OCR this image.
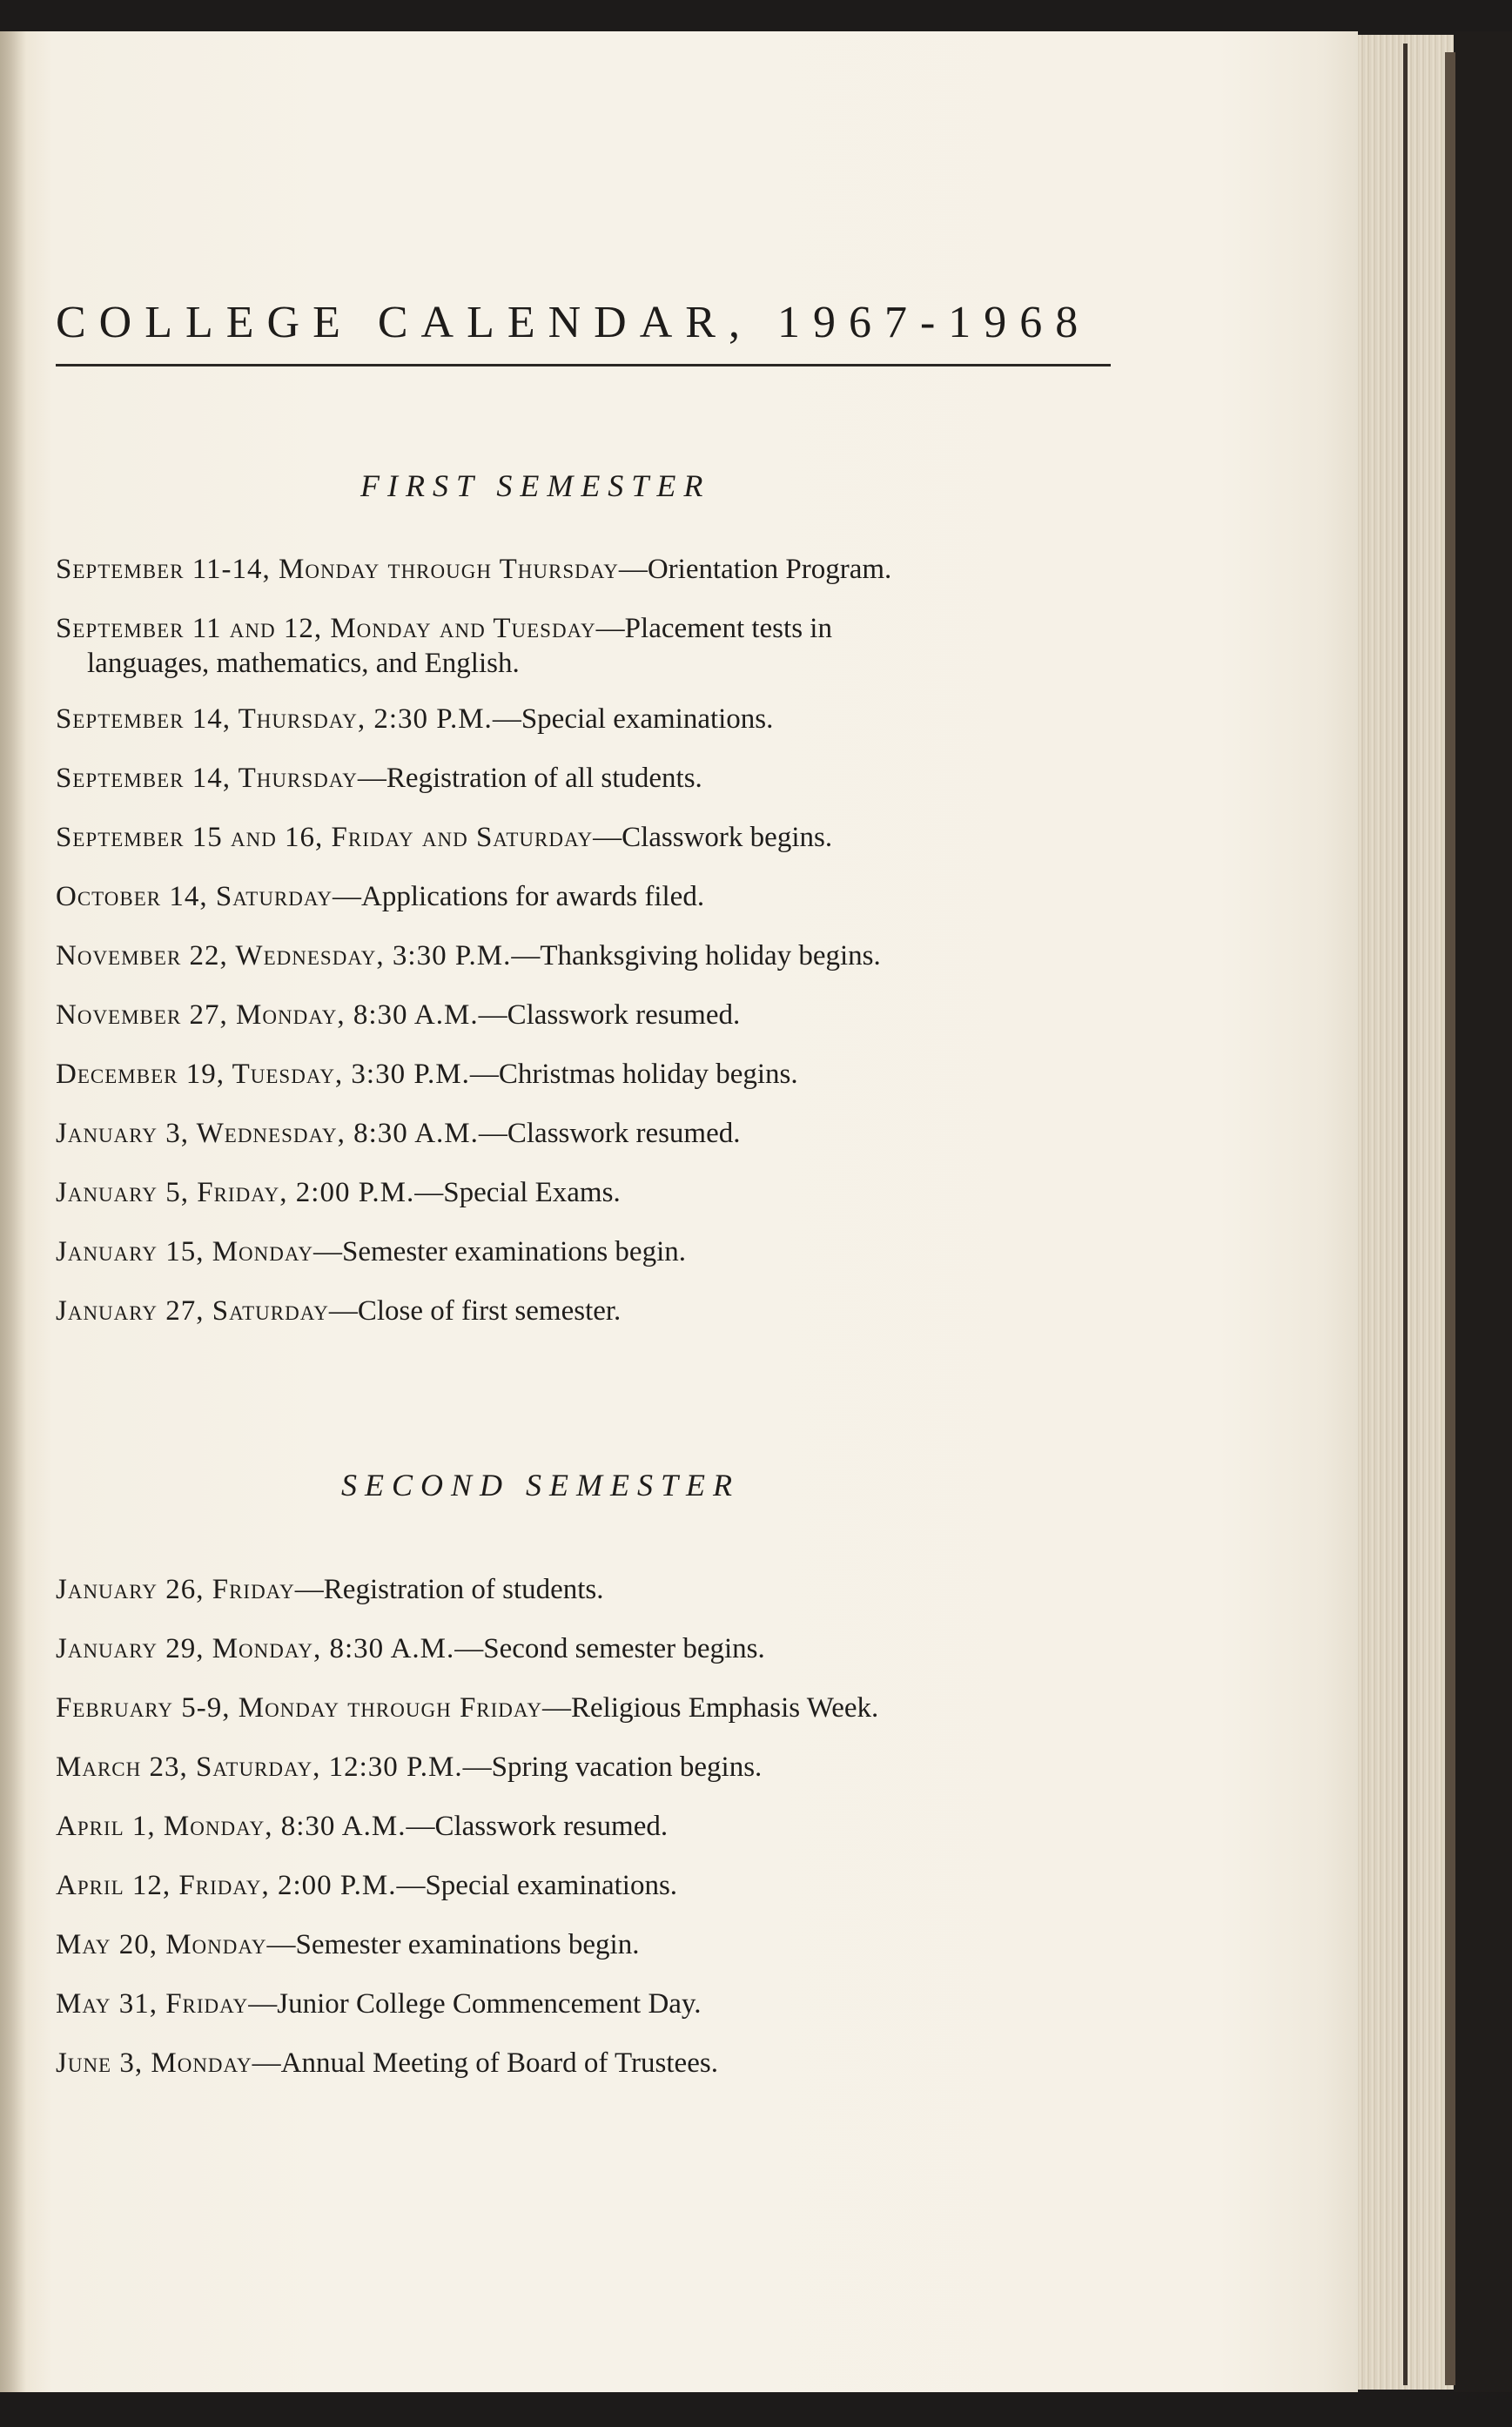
COLLEGE CALENDAR, 1967-1968
FIRST SEMESTER
September 11-14, Monday through Thursday—Orientation Program.
September 11 and 12, Monday and Tuesday—Placement tests in
languages, mathematics, and English.
September 14, Thursday, 2:30 P.M.—Special examinations.
September 14, Thursday—Registration of all students.
September 15 and 16, Friday and Saturday—Classwork begins.
October 14, Saturday—Applications for awards filed.
November 22, Wednesday, 3:30 P.M.—Thanksgiving holiday begins.
November 27, Monday, 8:30 A.M.—Classwork resumed.
December 19, Tuesday, 3:30 P.M.—Christmas holiday begins.
January 3, Wednesday, 8:30 A.M.—Classwork resumed.
January 5, Friday, 2:00 P.M.—Special Exams.
January 15, Monday—Semester examinations begin.
January 27, Saturday—Close of first semester.
SECOND SEMESTER
January 26, Friday—Registration of students.
January 29, Monday, 8:30 A.M.—Second semester begins.
February 5-9, Monday through Friday—Religious Emphasis Week.
March 23, Saturday, 12:30 P.M.—Spring vacation begins.
April 1, Monday, 8:30 A.M.—Classwork resumed.
April 12, Friday, 2:00 P.M.—Special examinations.
May 20, Monday—Semester examinations begin.
May 31, Friday—Junior College Commencement Day.
June 3, Monday—Annual Meeting of Board of Trustees.
